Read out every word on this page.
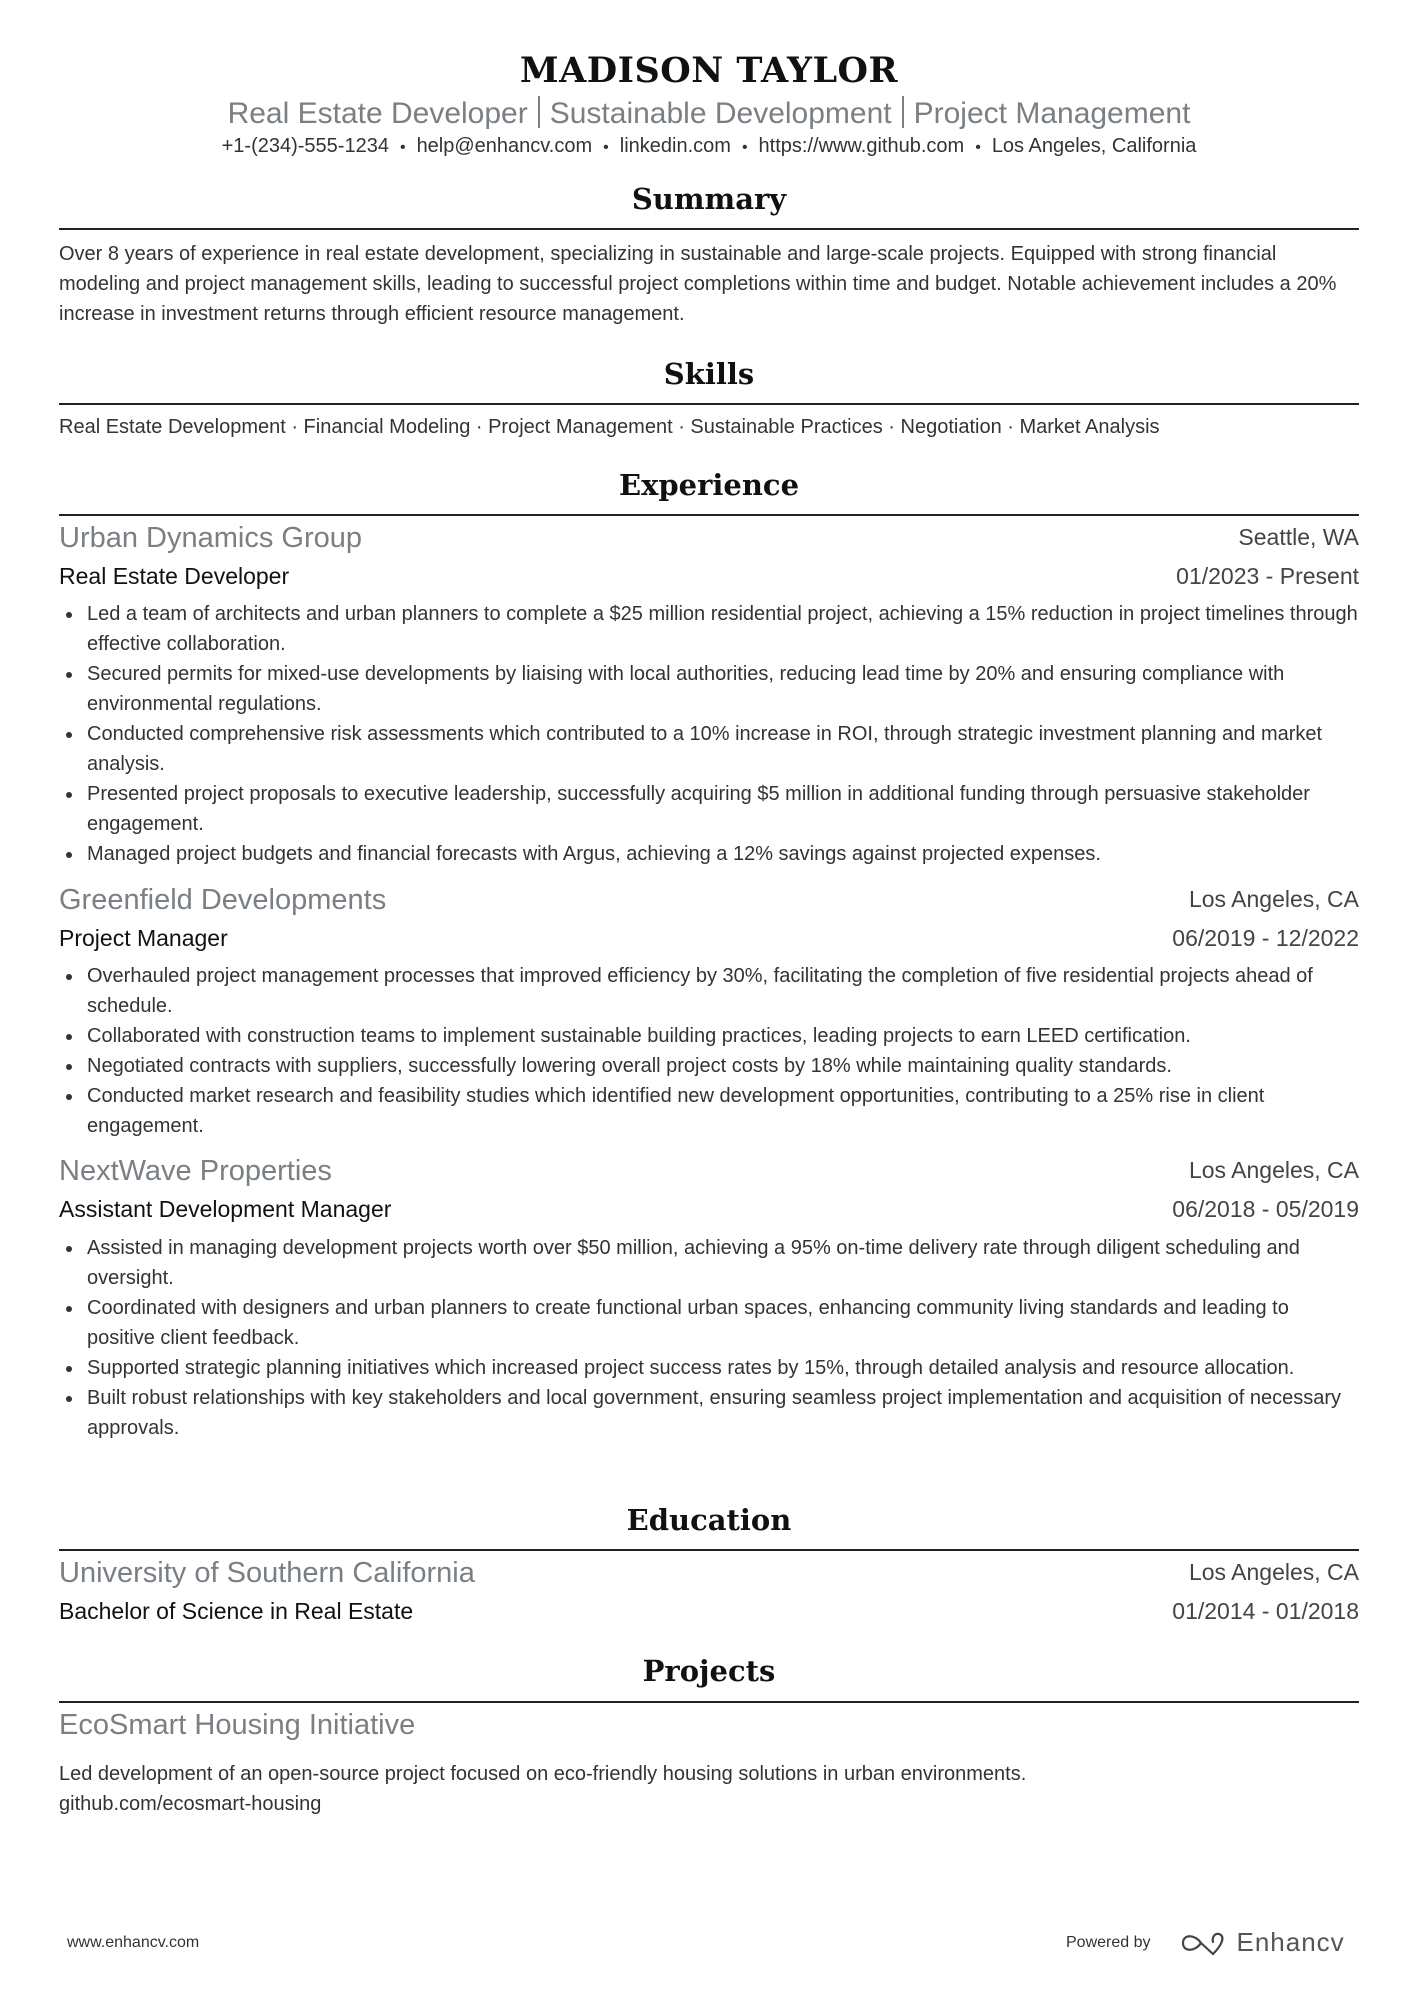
MADISON TAYLOR
Real Estate Developer Sustainable Development Project Management
+1-(234)-555-1234 • help@enhancv.com • linkedin.com • https://www.github.com • Los Angeles, California
Summary
Over 8 years of experience in real estate development, specializing in sustainable and large-scale projects. Equipped with strong financial modeling and project management skills, leading to successful project completions within time and budget. Notable achievement includes a 20% increase in investment returns through efficient resource management.
Skills
Real Estate Development · Financial Modeling · Project Management · Sustainable Practices · Negotiation · Market Analysis
Experience
Urban Dynamics Group	Seattle, WA
Real Estate Developer	01/2023 - Present
Led a team of architects and urban planners to complete a $25 million residential project, achieving a 15% reduction in project timelines through effective collaboration.
Secured permits for mixed-use developments by liaising with local authorities, reducing lead time by 20% and ensuring compliance with environmental regulations.
Conducted comprehensive risk assessments which contributed to a 10% increase in ROI, through strategic investment planning and market analysis.
Presented project proposals to executive leadership, successfully acquiring $5 million in additional funding through persuasive stakeholder engagement.
Managed project budgets and financial forecasts with Argus, achieving a 12% savings against projected expenses.
Greenfield Developments	Los Angeles, CA
Project Manager	06/2019 - 12/2022
Overhauled project management processes that improved efficiency by 30%, facilitating the completion of five residential projects ahead of schedule.
Collaborated with construction teams to implement sustainable building practices, leading projects to earn LEED certification.
Negotiated contracts with suppliers, successfully lowering overall project costs by 18% while maintaining quality standards.
Conducted market research and feasibility studies which identified new development opportunities, contributing to a 25% rise in client engagement.
NextWave Properties	Los Angeles, CA
Assistant Development Manager	06/2018 - 05/2019
Assisted in managing development projects worth over $50 million, achieving a 95% on-time delivery rate through diligent scheduling and oversight.
Coordinated with designers and urban planners to create functional urban spaces, enhancing community living standards and leading to positive client feedback.
Supported strategic planning initiatives which increased project success rates by 15%, through detailed analysis and resource allocation.
Built robust relationships with key stakeholders and local government, ensuring seamless project implementation and acquisition of necessary approvals.
Education
University of Southern California	Los Angeles, CA
Bachelor of Science in Real Estate	01/2014 - 01/2018
Projects
EcoSmart Housing Initiative
Led development of an open-source project focused on eco-friendly housing solutions in urban environments.
github.com/ecosmart-housing
www.enhancv.com	Powered by	Enhancv
